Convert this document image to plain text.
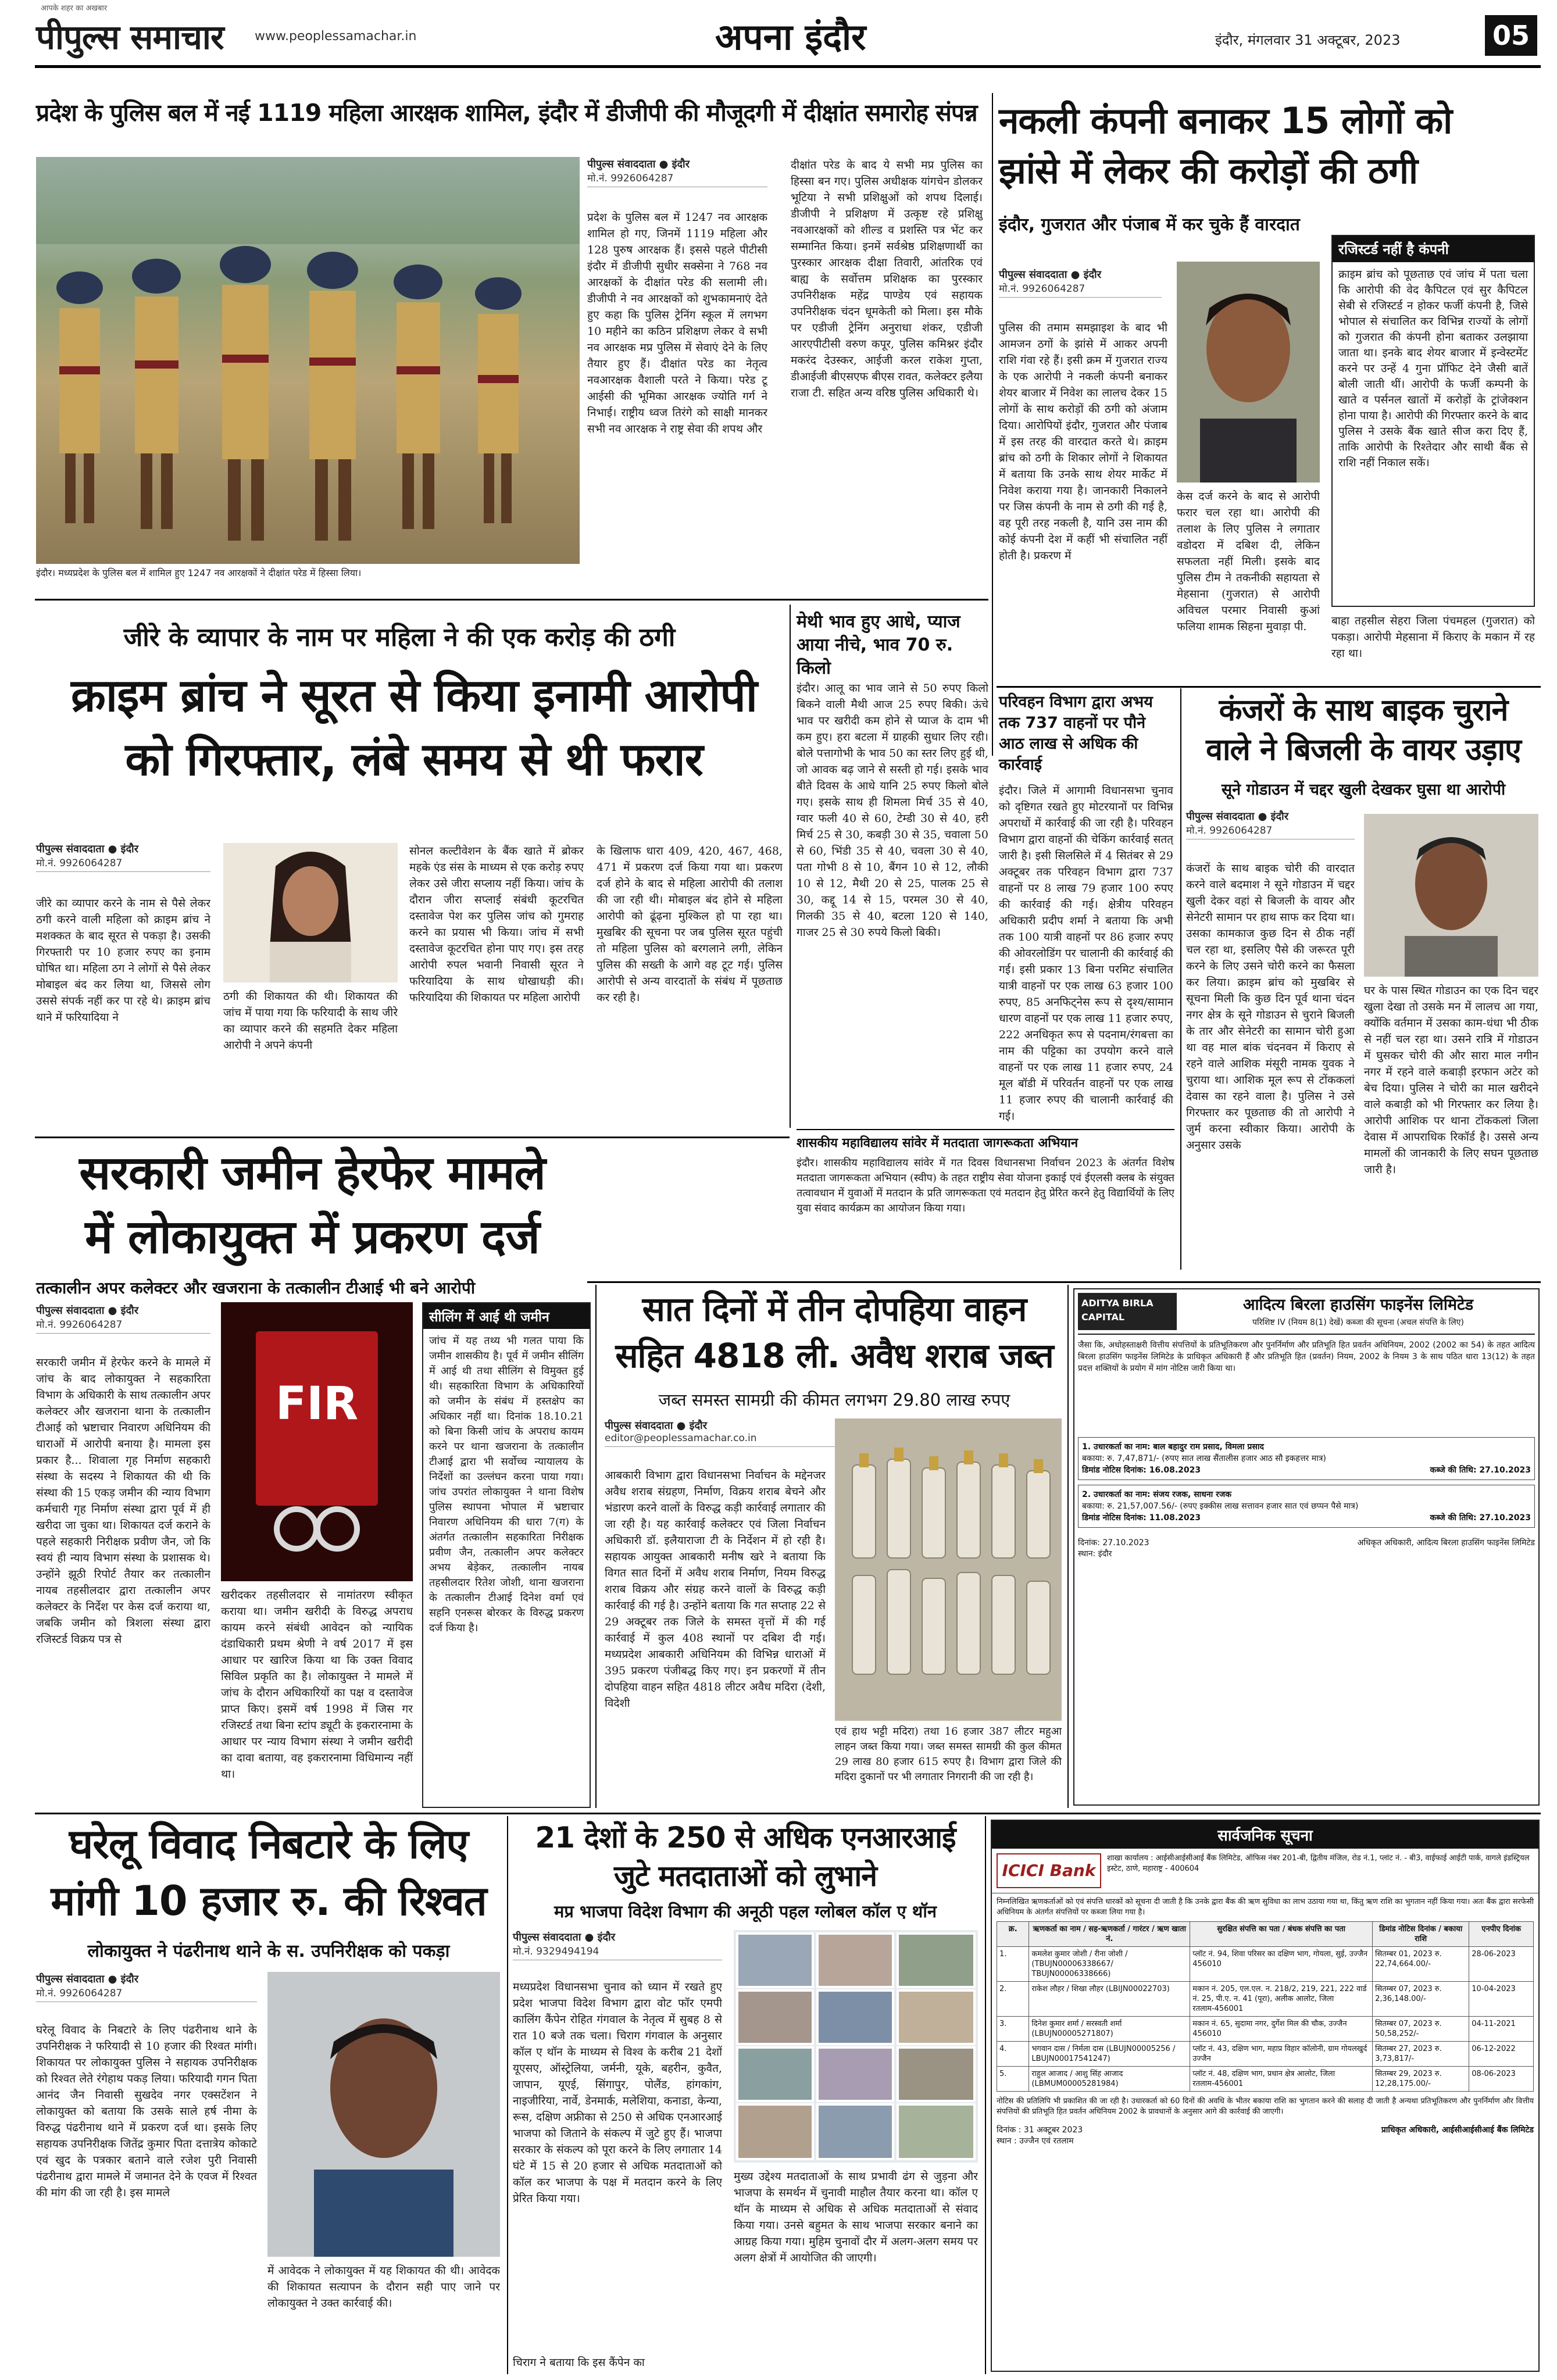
आपके शहर का अखबार
पीपुल्स समाचार www.peoplessamachar.in	अपना इंदौर	इंदौर, मंगलवार 31 अक्टूबर, 2023	05
प्रदेश के पुलिस बल में नई 1119 महिला आरक्षक शामिल, इंदौर में डीजीपी की मौजूदगी में दीक्षांत समारोह संपन्न
इंदौर। मध्यप्रदेश के पुलिस बल में शामिल हुए 1247 नव आरक्षकों ने दीक्षांत परेड में हिस्सा लिया।
पीपुल्स संवाददाता ● इंदौर
मो.नं. 9926064287
प्रदेश के पुलिस बल में 1247 नव आरक्षक शामिल हो गए, जिनमें 1119 महिला और 128 पुरुष आरक्षक हैं। इससे पहले पीटीसी इंदौर में डीजीपी सुधीर सक्सेना ने 768 नव आरक्षकों के दीक्षांत परेड की सलामी ली। डीजीपी ने नव आरक्षकों को शुभकामनाएं देते हुए कहा कि पुलिस ट्रेनिंग स्कूल में लगभग 10 महीने का कठिन प्रशिक्षण लेकर वे सभी नव आरक्षक मप्र पुलिस में सेवाएं देने के लिए तैयार हुए हैं। दीक्षांत परेड का नेतृत्व नवआरक्षक वैशाली परते ने किया। परेड टू आईसी की भूमिका आरक्षक ज्योति गर्ग ने निभाई। राष्ट्रीय ध्वज तिरंगे को साक्षी मानकर सभी नव आरक्षक ने राष्ट्र सेवा की शपथ और
दीक्षांत परेड के बाद ये सभी मप्र पुलिस का हिस्सा बन गए। पुलिस अधीक्षक यांगचेन डोलकर भूटिया ने सभी प्रशिक्षुओं को शपथ दिलाई। डीजीपी ने प्रशिक्षण में उत्कृष्ट रहे प्रशिक्षु नवआरक्षकों को शील्ड व प्रशस्ति पत्र भेंट कर सम्मानित किया। इनमें सर्वश्रेष्ठ प्रशिक्षणार्थी का पुरस्कार आरक्षक दीक्षा तिवारी, आंतरिक एवं बाह्य के सर्वोत्तम प्रशिक्षक का पुरस्कार उपनिरीक्षक महेंद्र पाण्डेय एवं सहायक उपनिरीक्षक चंदन धूमकेती को मिला। इस मौके पर एडीजी ट्रेनिंग अनुराधा शंकर, एडीजी आरएपीटीसी वरुण कपूर, पुलिस कमिश्नर इंदौर मकरंद देउस्कर, आईजी करल राकेश गुप्ता, डीआईजी बीएसएफ बीएस रावत, कलेक्टर इलैया राजा टी. सहित अन्य वरिष्ठ पुलिस अधिकारी थे।
नकली कंपनी बनाकर 15 लोगों को
झांसे में लेकर की करोड़ों की ठगी
इंदौर, गुजरात और पंजाब में कर चुके हैं वारदात
पीपुल्स संवाददाता ● इंदौर
मो.नं. 9926064287
पुलिस की तमाम समझाइश के बाद भी आमजन ठगों के झांसे में आकर अपनी राशि गंवा रहे हैं। इसी क्रम में गुजरात राज्य के एक आरोपी ने नकली कंपनी बनाकर शेयर बाजार में निवेश का लालच देकर 15 लोगों के साथ करोड़ों की ठगी को अंजाम दिया। आरोपियों इंदौर, गुजरात और पंजाब में इस तरह की वारदात करते थे। क्राइम ब्रांच को ठगी के शिकार लोगों ने शिकायत में बताया कि उनके साथ शेयर मार्केट में निवेश कराया गया है। जानकारी निकालने पर जिस कंपनी के नाम से ठगी की गई है, वह पूरी तरह नकली है, यानि उस नाम की कोई कंपनी देश में कहीं भी संचालित नहीं होती है। प्रकरण में
केस दर्ज करने के बाद से आरोपी फरार चल रहा था। आरोपी की तलाश के लिए पुलिस ने लगातार वडोदरा में दबिश दी, लेकिन सफलता नहीं मिली। इसके बाद पुलिस टीम ने तकनीकी सहायता से मेहसाना (गुजरात) से आरोपी अविचल परमार निवासी कुआं फलिया शामक सिहना मुवाड़ा पी.
रजिस्टर्ड नहीं है कंपनी
क्राइम ब्रांच को पूछताछ एवं जांच में पता चला कि आरोपी की वेद कैपिटल एवं सुर कैपिटल सेबी से रजिस्टर्ड न होकर फर्जी कंपनी है, जिसे भोपाल से संचालित कर विभिन्न राज्यों के लोगों को गुजरात की कंपनी होना बताकर उलझाया जाता था। इनके बाद शेयर बाजार में इन्वेस्टमेंट करने पर उन्हें 4 गुना प्रॉफिट देने जैसी बातें बोली जाती थीं। आरोपी के फर्जी कम्पनी के खाते व पर्सनल खातों में करोड़ों के ट्रांजेक्शन होना पाया है। आरोपी की गिरफ्तार करने के बाद पुलिस ने उसके बैंक खाते सीज करा दिए हैं, ताकि आरोपी के रिश्तेदार और साथी बैंक से राशि नहीं निकाल सकें।
बाहा तहसील सेहरा जिला पंचमहल (गुजरात) को पकड़ा। आरोपी मेहसाना में किराए के मकान में रह रहा था।
जीरे के व्यापार के नाम पर महिला ने की एक करोड़ की ठगी
क्राइम ब्रांच ने सूरत से किया इनामी आरोपी
को गिरफ्तार, लंबे समय से थी फरार
पीपुल्स संवाददाता ● इंदौर
मो.नं. 9926064287
जीरे का व्यापार करने के नाम से पैसे लेकर ठगी करने वाली महिला को क्राइम ब्रांच ने मशक्कत के बाद सूरत से पकड़ा है। उसकी गिरफ्तारी पर 10 हजार रुपए का इनाम घोषित था। महिला ठग ने लोगों से पैसे लेकर मोबाइल बंद कर लिया था, जिससे लोग उससे संपर्क नहीं कर पा रहे थे। क्राइम ब्रांच थाने में फरियादिया ने
ठगी की शिकायत की थी। शिकायत की जांच में पाया गया कि फरियादी के साथ जीरे का व्यापार करने की सहमति देकर महिला आरोपी ने अपने कंपनी
सोनल कल्टीवेशन के बैंक खाते में ब्रोकर महके एंड संस के माध्यम से एक करोड़ रुपए लेकर उसे जीरा सप्लाय नहीं किया। जांच के दौरान जीरा सप्लाई संबंधी कूटरचित दस्तावेज पेश कर पुलिस जांच को गुमराह करने का प्रयास भी किया। जांच में सभी दस्तावेज कूटरचित होना पाए गए। इस तरह आरोपी रुपल भवानी निवासी सूरत ने फरियादिया के साथ धोखाधड़ी की। फरियादिया की शिकायत पर महिला आरोपी
के खिलाफ धारा 409, 420, 467, 468, 471 में प्रकरण दर्ज किया गया था। प्रकरण दर्ज होने के बाद से महिला आरोपी की तलाश की जा रही थी। मोबाइल बंद होने से महिला आरोपी को ढूंढ़ना मुश्किल हो पा रहा था। मुखबिर की सूचना पर जब पुलिस सूरत पहुंची तो महिला पुलिस को बरगलाने लगी, लेकिन पुलिस की सख्ती के आगे वह टूट गई। पुलिस आरोपी से अन्य वारदातों के संबंध में पूछताछ कर रही है।
मेथी भाव हुए आधे, प्याज आया नीचे, भाव 70 रु. किलो
इंदौर। आलू का भाव जाने से 50 रुपए किलो बिकने वाली मैथी आज 25 रुपए बिकी। ऊंचे भाव पर खरीदी कम होने से प्याज के दाम भी कम हुए। हरा बटला में ग्राहकी सुधार लिए रही। बोले पत्तागोभी के भाव 50 का स्तर लिए हुई थी, जो आवक बढ़ जाने से सस्ती हो गई। इसके भाव बीते दिवस के आधे यानि 25 रुपए किलो बोले गए। इसके साथ ही शिमला मिर्च 35 से 40, ग्वार फली 40 से 60, टेम्डी 30 से 40, हरी मिर्च 25 से 30, कबड़ी 30 से 35, चवाला 50 से 60, भिंडी 35 से 40, चवला 30 से 40, पता गोभी 8 से 10, बैंगन 10 से 12, लौकी 10 से 12, मैथी 20 से 25, पालक 25 से 30, कद्दू 14 से 15, परमल 30 से 40, गिलकी 35 से 40, बटला 120 से 140, गाजर 25 से 30 रुपये किलो बिकी।
परिवहन विभाग द्वारा अभय तक 737 वाहनों पर पौने आठ लाख से अधिक की कार्रवाई
इंदौर। जिले में आगामी विधानसभा चुनाव को दृष्टिगत रखते हुए मोटरयानों पर विभिन्न अपराधों में कार्रवाई की जा रही है। परिवहन विभाग द्वारा वाहनों की चेकिंग कार्रवाई सतत् जारी है। इसी सिलसिले में 4 सितंबर से 29 अक्टूबर तक परिवहन विभाग द्वारा 737 वाहनों पर 8 लाख 79 हजार 100 रुपए की कार्रवाई की गई। क्षेत्रीय परिवहन अधिकारी प्रदीप शर्मा ने बताया कि अभी तक 100 यात्री वाहनों पर 86 हजार रुपए की ओवरलोडिंग पर चालानी की कार्रवाई की गई। इसी प्रकार 13 बिना परमिट संचालित यात्री वाहनों पर एक लाख 63 हजार 100 रुपए, 85 अनफिट्नेस रूप से दृश्य/सामान धारण वाहनों पर एक लाख 11 हजार रुपए, 222 अनधिकृत रूप से पदनाम/रंगबत्ता का नाम की पट्टिका का उपयोग करने वाले वाहनों पर एक लाख 11 हजार रुपए, 24 मूल बॉडी में परिवर्तन वाहनों पर एक लाख 11 हजार रुपए की चालानी कार्रवाई की गई।
कंजरों के साथ बाइक चुराने
वाले ने बिजली के वायर उड़ाए
सूने गोडाउन में चद्दर खुली देखकर घुसा था आरोपी
पीपुल्स संवाददाता ● इंदौर
मो.नं. 9926064287
कंजरों के साथ बाइक चोरी की वारदात करने वाले बदमाश ने सूने गोडाउन में चद्दर खुली देकर वहां से बिजली के वायर और सेनेटरी सामान पर हाथ साफ कर दिया था। उसका कामकाज कुछ दिन से ठीक नहीं चल रहा था, इसलिए पैसे की जरूरत पूरी करने के लिए उसने चोरी करने का फैसला कर लिया। क्राइम ब्रांच को मुखबिर से सूचना मिली कि कुछ दिन पूर्व थाना चंदन नगर क्षेत्र के सूने गोडाउन से चुराने बिजली के तार और सेनेटरी का सामान चोरी हुआ था वह माल बांक चंदनवन में किराए से रहने वाले आशिक मंसूरी नामक युवक ने चुराया था। आशिक मूल रूप से टोंककलां देवास का रहने वाला है। पुलिस ने उसे गिरफ्तार कर पूछताछ की तो आरोपी ने जुर्म करना स्वीकार किया। आरोपी के अनुसार उसके
घर के पास स्थित गोडाउन का एक दिन चद्दर खुला देखा तो उसके मन में लालच आ गया, क्योंकि वर्तमान में उसका काम-धंधा भी ठीक से नहीं चल रहा था। उसने रात्रि में गोडाउन में घुसकर चोरी की और सारा माल नगीन नगर में रहने वाले कबाड़ी इरफान अटेर को बेच दिया। पुलिस ने चोरी का माल खरीदने वाले कबाड़ी को भी गिरफ्तार कर लिया है। आरोपी आशिक पर थाना टोंककलां जिला देवास में आपराधिक रिकॉर्ड है। उससे अन्य मामलों की जानकारी के लिए सघन पूछताछ जारी है।
शासकीय महाविद्यालय सांवेर में मतदाता जागरूकता अभियान
इंदौर। शासकीय महाविद्यालय सांवेर में गत दिवस विधानसभा निर्वाचन 2023 के अंतर्गत विशेष मतदाता जागरूकता अभियान (स्वीप) के तहत राष्ट्रीय सेवा योजना इकाई एवं ईएलसी क्लब के संयुक्त तत्वावधान में युवाओं में मतदान के प्रति जागरूकता एवं मतदान हेतु प्रेरित करने हेतु विद्यार्थियों के लिए युवा संवाद कार्यक्रम का आयोजन किया गया।
सरकारी जमीन हेरफेर मामले
में लोकायुक्त में प्रकरण दर्ज
तत्कालीन अपर कलेक्टर और खजराना के तत्कालीन टीआई भी बने आरोपी
पीपुल्स संवाददाता ● इंदौर
मो.नं. 9926064287
सरकारी जमीन में हेरफेर करने के मामले में जांच के बाद लोकायुक्त ने सहकारिता विभाग के अधिकारी के साथ तत्कालीन अपर कलेक्टर और खजराना थाना के तत्कालीन टीआई को भ्रष्टाचार निवारण अधिनियम की धाराओं में आरोपी बनाया है। मामला इस प्रकार है... शिवाला गृह निर्माण सहकारी संस्था के सदस्य ने शिकायत की थी कि संस्था की 15 एकड़ जमीन की न्याय विभाग कर्मचारी गृह निर्माण संस्था द्वारा पूर्व में ही खरीदा जा चुका था। शिकायत दर्ज कराने के पहले सहकारी निरीक्षक प्रवीण जैन, जो कि स्वयं ही न्याय विभाग संस्था के प्रशासक थे। उन्होंने झूठी रिपोर्ट तैयार कर तत्कालीन नायब तहसीलदार द्वारा तत्कालीन अपर कलेक्टर के निर्देश पर केस दर्ज कराया था, जबकि जमीन को त्रिशला संस्था द्वारा रजिस्टर्ड विक्रय पत्र से
FIR
खरीदकर तहसीलदार से नामांतरण स्वीकृत कराया था। जमीन खरीदी के विरुद्ध अपराध कायम करने संबंधी आवेदन को न्यायिक दंडाधिकारी प्रथम श्रेणी ने वर्ष 2017 में इस आधार पर खारिज किया था कि उक्त विवाद सिविल प्रकृति का है। लोकायुक्त ने मामले में जांच के दौरान अधिकारियों का पक्ष व दस्तावेज प्राप्त किए। इसमें वर्ष 1998 में जिस गर रजिस्टर्ड तथा बिना स्टांप ड्यूटी के इकरारनामा के आधार पर न्याय विभाग संस्था ने जमीन खरीदी का दावा बताया, वह इकरारनामा विधिमान्य नहीं था।
सीलिंग में आई थी जमीन
जांच में यह तथ्य भी गलत पाया कि जमीन शासकीय है। पूर्व में जमीन सीलिंग में आई थी तथा सीलिंग से विमुक्त हुई थी। सहकारिता विभाग के अधिकारियों को जमीन के संबंध में हस्तक्षेप का अधिकार नहीं था। दिनांक 18.10.21 को बिना किसी जांच के अपराध कायम करने पर थाना खजराना के तत्कालीन टीआई द्वारा भी सर्वोच्च न्यायालय के निर्देशों का उल्लंघन करना पाया गया। जांच उपरांत लोकायुक्त ने थाना विशेष पुलिस स्थापना भोपाल में भ्रष्टाचार निवारण अधिनियम की धारा 7(ग) के अंतर्गत तत्कालीन सहकारिता निरीक्षक प्रवीण जैन, तत्कालीन अपर कलेक्टर अभय बेड़ेकर, तत्कालीन नायब तहसीलदार रितेश जोशी, थाना खजराना के तत्कालीन टीआई दिनेश वर्मा एवं सहनि एनरूस बोरकर के विरुद्ध प्रकरण दर्ज किया है।
सात दिनों में तीन दोपहिया वाहन
सहित 4818 ली. अवैध शराब जब्त
जब्त समस्त सामग्री की कीमत लगभग 29.80 लाख रुपए
पीपुल्स संवाददाता ● इंदौर
editor@peoplessamachar.co.in
आबकारी विभाग द्वारा विधानसभा निर्वाचन के मद्देनजर अवैध शराब संग्रहण, निर्माण, विक्रय शराब बेचने और भंडारण करने वालों के विरुद्ध कड़ी कार्रवाई लगातार की जा रही है। यह कार्रवाई कलेक्टर एवं जिला निर्वाचन अधिकारी डॉ. इलैयाराजा टी के निर्देशन में हो रही है। सहायक आयुक्त आबकारी मनीष खरे ने बताया कि विगत सात दिनों में अवैध शराब निर्माण, नियम विरुद्ध शराब विक्रय और संग्रह करने वालों के विरुद्ध कड़ी कार्रवाई की गई है। उन्होंने बताया कि गत सप्ताह 22 से 29 अक्टूबर तक जिले के समस्त वृत्तों में की गई कार्रवाई में कुल 408 स्थानों पर दबिश दी गई। मध्यप्रदेश आबकारी अधिनियम की विभिन्न धाराओं में 395 प्रकरण पंजीबद्ध किए गए। इन प्रकरणों में तीन दोपहिया वाहन सहित 4818 लीटर अवैध मदिरा (देशी, विदेशी
एवं हाथ भट्टी मदिरा) तथा 16 हजार 387 लीटर महुआ लाहन जब्त किया गया। जब्त समस्त सामग्री की कुल कीमत 29 लाख 80 हजार 615 रुपए है। विभाग द्वारा जिले की मदिरा दुकानों पर भी लगातार निगरानी की जा रही है।
ADITYA BIRLA CAPITAL
आदित्य बिरला हाउसिंग फाइनेंस लिमिटेड
परिशिष्ट IV (नियम 8(1) देखें) कब्जा की सूचना (अचल संपत्ति के लिए)
जैसा कि, अधोहस्ताक्षरी वित्तीय संपत्तियों के प्रतिभूतिकरण और पुनर्निर्माण और प्रतिभूति हित प्रवर्तन अधिनियम, 2002 (2002 का 54) के तहत आदित्य बिरला हाउसिंग फाइनेंस लिमिटेड के प्राधिकृत अधिकारी हैं और प्रतिभूति हित (प्रवर्तन) नियम, 2002 के नियम 3 के साथ पठित धारा 13(12) के तहत प्रदत्त शक्तियों के प्रयोग में मांग नोटिस जारी किया था।
1. उधारकर्ता का नाम: बाल बहादुर राम प्रसाद, विमला प्रसाद
बकाया: रु. 7,47,871/- (रुपए सात लाख सैंतालीस हजार आठ सौ इकहत्तर मात्र)
डिमांड नोटिस दिनांक: 16.08.2023	कब्जे की तिथि: 27.10.2023
2. उधारकर्ता का नाम: संजय रजक, साधना रजक
बकाया: रु. 21,57,007.56/- (रुपए इक्कीस लाख सत्तावन हजार सात एवं छप्पन पैसे मात्र)
डिमांड नोटिस दिनांक: 11.08.2023	कब्जे की तिथि: 27.10.2023
दिनांक: 27.10.2023
स्थान: इंदौर
अधिकृत अधिकारी, आदित्य बिरला हाउसिंग फाइनेंस लिमिटेड
घरेलू विवाद निबटारे के लिए
मांगी 10 हजार रु. की रिश्वत
लोकायुक्त ने पंढरीनाथ थाने के स. उपनिरीक्षक को पकड़ा
पीपुल्स संवाददाता ● इंदौर
मो.नं. 9926064287
घरेलू विवाद के निबटारे के लिए पंढरीनाथ थाने के उपनिरीक्षक ने फरियादी से 10 हजार की रिश्वत मांगी। शिकायत पर लोकायुक्त पुलिस ने सहायक उपनिरीक्षक को रिश्वत लेते रंगेहाथ पकड़ लिया। फरियादी गगन पिता आनंद जैन निवासी सुखदेव नगर एक्सटेंशन ने लोकायुक्त को बताया कि उसके साले हर्ष नीमा के विरुद्ध पंढरीनाथ थाने में प्रकरण दर्ज था। इसके लिए सहायक उपनिरीक्षक जितेंद्र कुमार पिता दत्तात्रेय कोकाटे एवं खुद के पत्रकार बताने वाले रजेश पुरी निवासी पंढरीनाथ द्वारा मामले में जमानत देने के एवज में रिश्वत की मांग की जा रही है। इस मामले
में आवेदक ने लोकायुक्त में यह शिकायत की थी। आवेदक की शिकायत सत्यापन के दौरान सही पाए जाने पर लोकायुक्त ने उक्त कार्रवाई की।
21 देशों के 250 से अधिक एनआरआई
जुटे मतदाताओं को लुभाने
मप्र भाजपा विदेश विभाग की अनूठी पहल ग्लोबल कॉल ए थॉन
पीपुल्स संवाददाता ● इंदौर
मो.नं. 9329494194
मध्यप्रदेश विधानसभा चुनाव को ध्यान में रखते हुए प्रदेश भाजपा विदेश विभाग द्वारा वोट फॉर एमपी कालिंग कैंपेन रोहित गंगवाल के नेतृत्व में सुबह 8 से रात 10 बजे तक चला। चिराग गंगवाल के अनुसार कॉल ए थॉन के माध्यम से विश्व के करीब 21 देशों यूएसए, ऑस्ट्रेलिया, जर्मनी, यूके, बहरीन, कुवैत, जापान, यूएई, सिंगापुर, पोलैंड, हांगकांग, नाइजीरिया, नार्वे, डेनमार्क, मलेशिया, कनाडा, केन्या, रूस, दक्षिण अफ्रीका से 250 से अधिक एनआरआई भाजपा को जिताने के संकल्प में जुटे हुए हैं। भाजपा सरकार के संकल्प को पूरा करने के लिए लगातार 14 घंटे में 15 से 20 हजार से अधिक मतदाताओं को कॉल कर भाजपा के पक्ष में मतदान करने के लिए प्रेरित किया गया।
मुख्य उद्देश्य मतदाताओं के साथ प्रभावी ढंग से जुड़ना और भाजपा के समर्थन में चुनावी माहौल तैयार करना था। कॉल ए थॉन के माध्यम से अधिक से अधिक मतदाताओं से संवाद किया गया। उनसे बहुमत के साथ भाजपा सरकार बनाने का आग्रह किया गया। मुहिम चुनावों दौर में अलग-अलग समय पर अलग क्षेत्रों में आयोजित की जाएगी।
चिराग ने बताया कि इस कैंपेन का
सार्वजनिक सूचना
ICICI Bank
शाखा कार्यालय : आईसीआईसीआई बैंक लिमिटेड, ऑफिस नंबर 201-बी, द्वितीय मंजिल, रोड नं.1, प्लांट नं. - बी3, वाईफाई आईटी पार्क, वागले इंडस्ट्रियल इस्टेट, ठाणे, महाराष्ट्र - 400604
निम्नलिखित ऋणकर्ताओं को एवं संपत्ति धारकों को सूचना दी जाती है कि उनके द्वारा बैंक की ऋण सुविधा का लाभ उठाया गया था, किंतु ऋण राशि का भुगतान नहीं किया गया। अतः बैंक द्वारा सरफेसी अधिनियम के अंतर्गत संपत्तियों पर कब्जा लिया गया है।
क्र.	ऋणकर्ता का नाम / सह-ऋणकर्ता / गारंटर / ऋण खाता नं.	सुरक्षित संपत्ति का पता / बंधक संपत्ति का पता	डिमांड नोटिस दिनांक / बकाया राशि	एनपीए दिनांक
1.	कमलेश कुमार जोशी / रीना जोशी / (TBUJN00006338667/ TBUJN00006338666)	प्लॉट नं. 94, शिवा परिसर का दक्षिण भाग, गोयला, सुई, उज्जैन 456010	सितम्बर 01, 2023 रु. 22,74,664.00/-	28-06-2023
2.	राकेश लौहर / शिखा लौहर (LBIJN00022703)	मकान नं. 205, एल.एल. न. 218/2, 219, 221, 222 वार्ड नं. 25, पी.ए. न. 41 (पूरा), अलीक आलोट, जिला रतलाम-456001	सितम्बर 07, 2023 रु. 2,36,148.00/-	10-04-2023
3.	दिनेश कुमार शर्मा / सरस्वती शर्मा (LBUJN00005271807)	मकान नं. 65, सुदामा नगर, दुर्गेश मिल की चौक, उज्जैन 456010	सितम्बर 07, 2023 रु. 50,58,252/-	04-11-2021
4.	भगवान दास / निर्मला दास (LBUJN00005256 / LBUJN00017541247)	प्लॉट नं. 43, दक्षिण भाग, महाप्र विहार कॉलोनी, ग्राम गोयलखुर्द उज्जैन	सितम्बर 27, 2023 रु. 3,73,817/-	06-12-2022
5.	राहुल आजाद / आशु सिंह आजाद (LBMUM00005281984)	प्लॉट नं. 48, दक्षिण भाग, प्रधान क्षेत्र आलोट, जिला रतलाम-456001	सितम्बर 29, 2023 रु. 12,28,175.00/-	08-06-2023
नोटिस की प्रतिलिपि भी प्रकाशित की जा रही है। उधारकर्ता को 60 दिनों की अवधि के भीतर बकाया राशि का भुगतान करने की सलाह दी जाती है अन्यथा प्रतिभूतिकरण और पुनर्निर्माण और वित्तीय संपत्तियों की प्रतिभूति हित प्रवर्तन अधिनियम 2002 के प्रावधानों के अनुसार आगे की कार्रवाई की जाएगी।
दिनांक : 31 अक्टूबर 2023
स्थान : उज्जैन एवं रतलाम
प्राधिकृत अधिकारी, आईसीआईसीआई बैंक लिमिटेड
